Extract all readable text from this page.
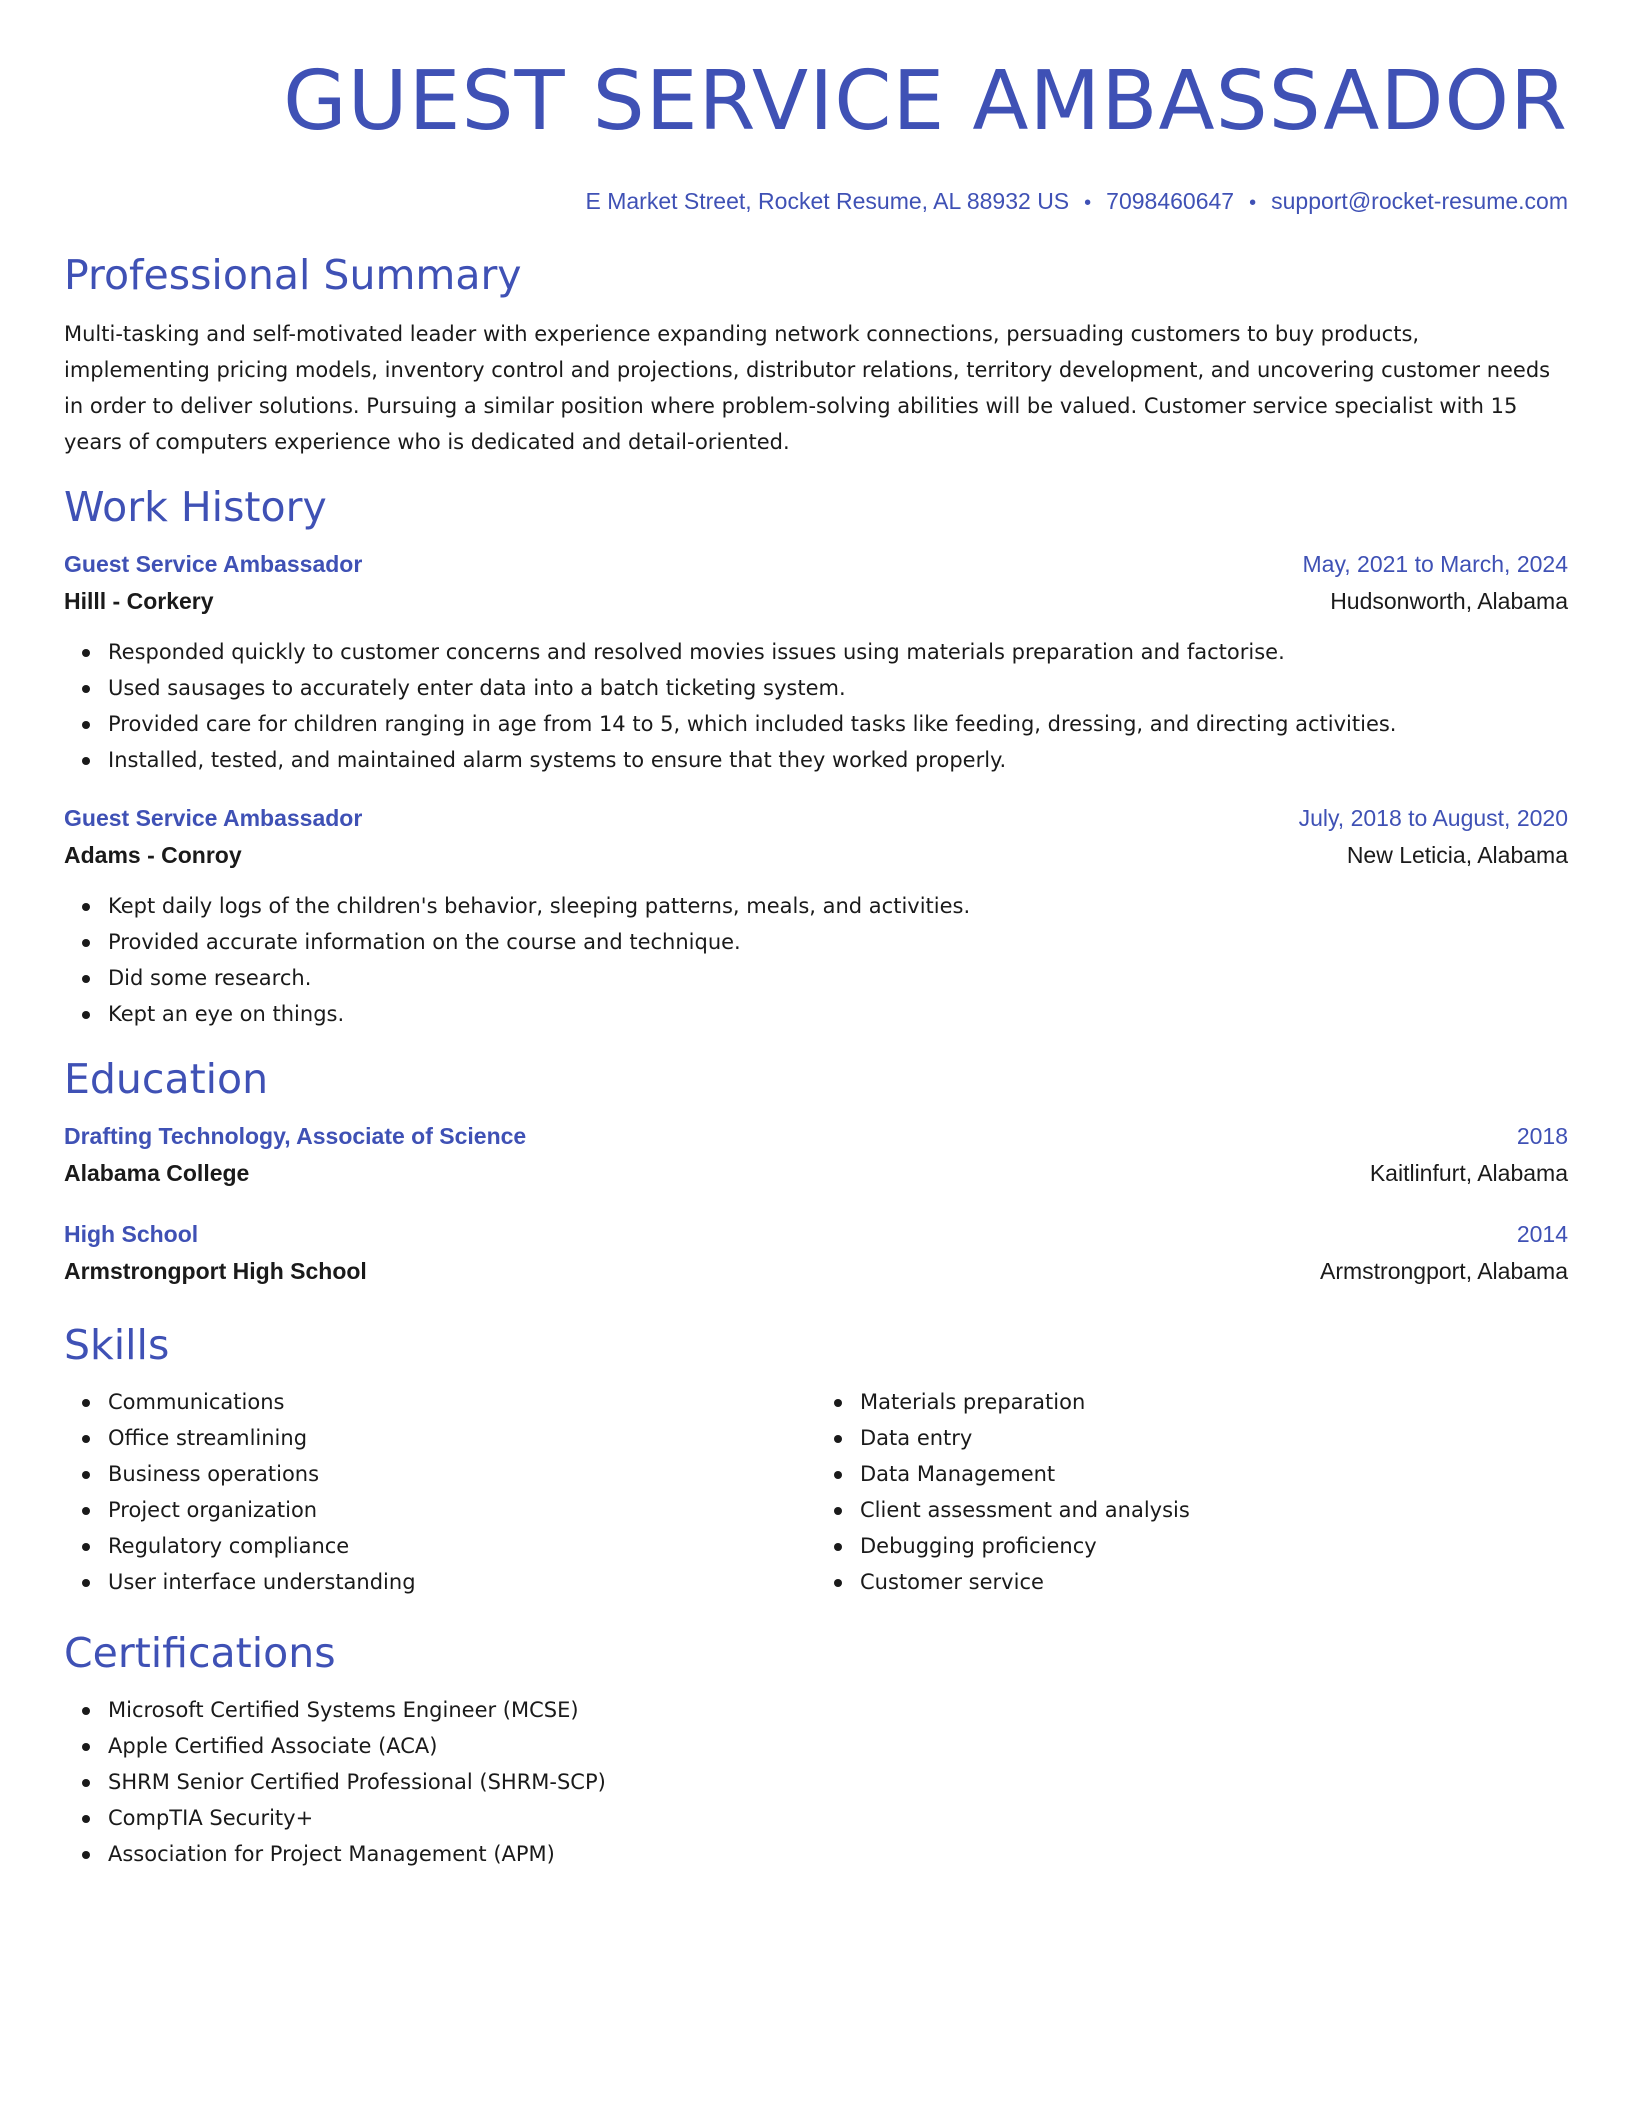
GUEST SERVICE AMBASSADOR
E Market Street, Rocket Resume, AL 88932 US • 7098460647 • support@rocket-resume.com
Professional Summary

Multi-tasking and self-motivated leader with experience expanding network connections, persuading customers to buy products, implementing pricing models, inventory control and projections, distributor relations, territory development, and uncovering customer needs in order to deliver solutions. Pursuing a similar position where problem-solving abilities will be valued. Customer service specialist with 15 years of computers experience who is dedicated and detail-oriented.

Work History
Guest Service Ambassador	May, 2021 to March, 2024
Hilll - Corkery	Hudsonworth, Alabama
Responded quickly to customer concerns and resolved movies issues using materials preparation and factorise.
Used sausages to accurately enter data into a batch ticketing system.
Provided care for children ranging in age from 14 to 5, which included tasks like feeding, dressing, and directing activities.
Installed, tested, and maintained alarm systems to ensure that they worked properly.
Guest Service Ambassador	July, 2018 to August, 2020
Adams - Conroy	New Leticia, Alabama
Kept daily logs of the children's behavior, sleeping patterns, meals, and activities.
Provided accurate information on the course and technique.
Did some research.
Kept an eye on things.
Education
Drafting Technology, Associate of Science	2018
Alabama College	Kaitlinfurt, Alabama
High School	2014
Armstrongport High School	Armstrongport, Alabama
Skills
Communications
Office streamlining
Business operations
Project organization
Regulatory compliance
User interface understanding
Materials preparation
Data entry
Data Management
Client assessment and analysis
Debugging proficiency
Customer service
Certifications
Microsoft Certified Systems Engineer (MCSE)
Apple Certified Associate (ACA)
SHRM Senior Certified Professional (SHRM-SCP)
CompTIA Security+
Association for Project Management (APM)
